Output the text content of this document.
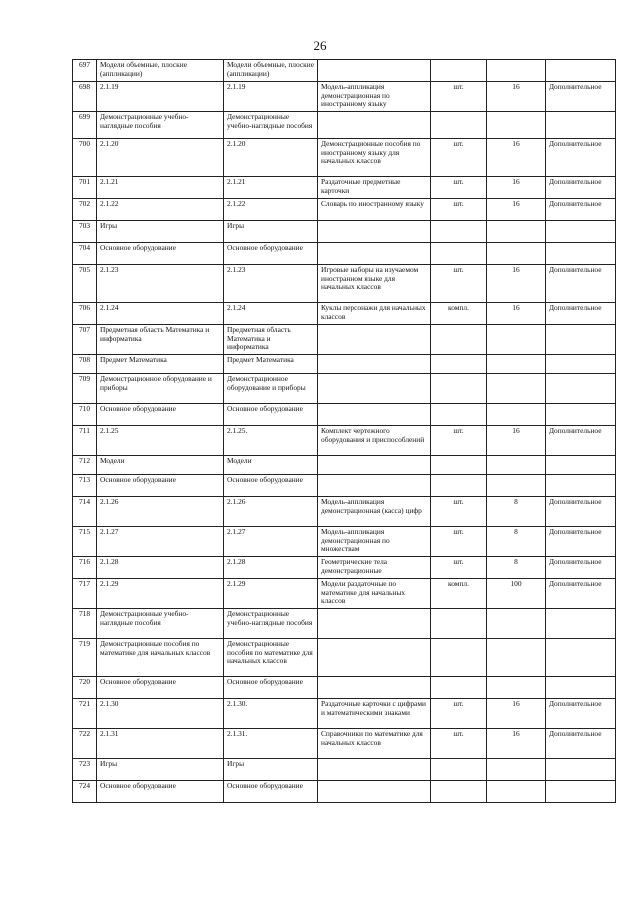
26
697	Модели объемные, плоские (аппликации)	Модели объемные, плоские (аппликации)				
698	2.1.19	2.1.19	Модель-аппликация демонстрационная по иностранному языку	шт.	16	Дополнительное
699	Демонстрационные учебно-наглядные пособия	Демонстрационные учебно-наглядные пособия				
700	2.1.20	2.1.20	Демонстрационные пособия по иностранному языку для начальных классов	шт.	16	Дополнительное
701	2.1.21	2.1.21	Раздаточные предметные карточки	шт.	16	Дополнительное
702	2.1.22	2.1.22	Словарь по иностранному языку	шт.	16	Дополнительное
703	Игры	Игры				
704	Основное оборудование	Основное оборудование				
705	2.1.23	2.1.23	Игровые наборы на изучаемом иностранном языке для начальных классов	шт.	16	Дополнительное
706	2.1.24	2.1.24	Куклы персонажи для начальных классов	компл.	16	Дополнительное
707	Предметная область Математика и информатика	Предметная область Математика и информатика				
708	Предмет Математика	Предмет Математика				
709	Демонстрационное оборудование и приборы	Демонстрационное оборудование и приборы				
710	Основное оборудование	Основное оборудование				
711	2.1.25	2.1.25.	Комплект чертежного оборудования и приспособлений	шт.	16	Дополнительное
712	Модели	Модели				
713	Основное оборудование	Основное оборудование				
714	2.1.26	2.1.26	Модель-аппликация демонстрационная (касса) цифр	шт.	8	Дополнительное
715	2.1.27	2.1.27	Модель-аппликация демонстрационная по множествам	шт.	8	Дополнительное
716	2.1.28	2.1.28	Геометрические тела демонстрационные	шт.	8	Дополнительное
717	2.1.29	2.1.29	Модели раздаточные по математике для начальных классов	компл.	100	Дополнительное
718	Демонстрационные учебно-наглядные пособия	Демонстрационные учебно-наглядные пособия				
719	Демонстрационные пособия по математике для начальных классов	Демонстрационные пособия по математике для начальных классов				
720	Основное оборудование	Основное оборудование				
721	2.1.30	2.1.30.	Раздаточные карточки с цифрами и математическими знаками	шт.	16	Дополнительное
722	2.1.31	2.1.31.	Справочники по математике для начальных классов	шт.	16	Дополнительное
723	Игры	Игры				
724	Основное оборудование	Основное оборудование				
